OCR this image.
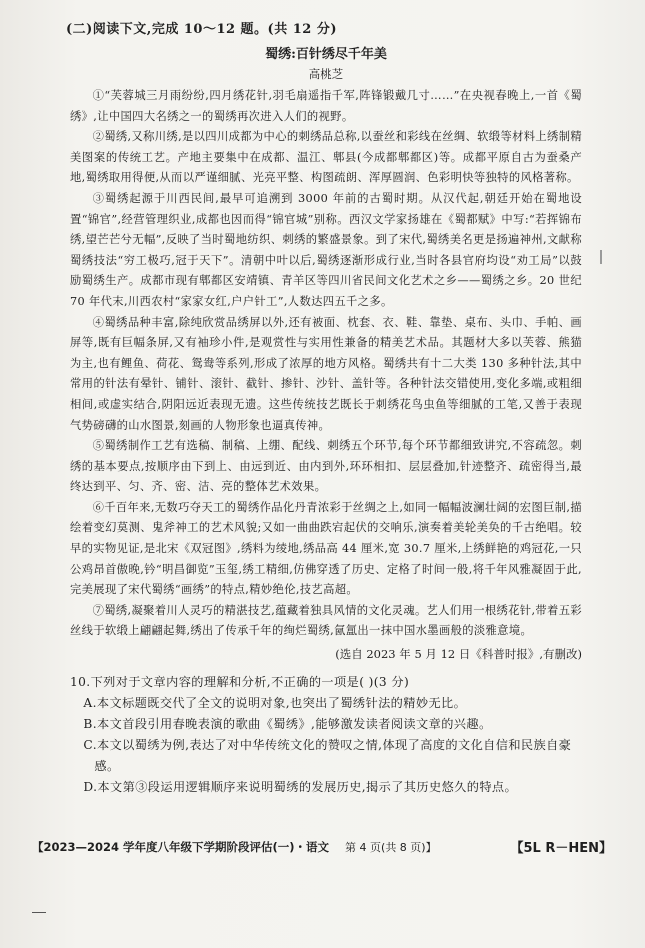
(二)阅读下文,完成 10～12 题。(共 12 分)
蜀绣:百针绣尽千年美
高桃芝

①“芙蓉城三月雨纷纷,四月绣花针,羽毛扇遥指千军,阵锋锻戴几寸……”在央视春晚上,一首《蜀绣》,让中国四大名绣之一的蜀绣再次进入人们的视野。

②蜀绣,又称川绣,是以四川成都为中心的刺绣品总称,以蚕丝和彩线在丝绸、软缎等材料上绣制精美图案的传统工艺。产地主要集中在成都、温江、郫县(今成都郫都区)等。成都平原自古为蚕桑产地,蜀绣取用得便,从而以严谨细腻、光亮平整、构图疏朗、浑厚圆润、色彩明快等独特的风格著称。

③蜀绣起源于川西民间,最早可追溯到 3000 年前的古蜀时期。从汉代起,朝廷开始在蜀地设置“锦官”,经营管理织业,成都也因而得“锦官城”别称。西汉文学家扬雄在《蜀都赋》中写:“若挥锦布绣,望芒芒兮无幅”,反映了当时蜀地纺织、刺绣的繁盛景象。到了宋代,蜀绣美名更是扬遍神州,文献称蜀绣技法“穷工极巧,冠于天下”。清朝中叶以后,蜀绣逐渐形成行业,当时各县官府均设“劝工局”以鼓励蜀绣生产。成都市现有郫都区安靖镇、青羊区等四川省民间文化艺术之乡——蜀绣之乡。20 世纪 70 年代末,川西农村“家家女红,户户针工”,人数达四五千之多。

④蜀绣品种丰富,除纯欣赏品绣屏以外,还有被面、枕套、衣、鞋、靠垫、桌布、头巾、手帕、画屏等,既有巨幅条屏,又有袖珍小件,是观赏性与实用性兼备的精美艺术品。其题材大多以芙蓉、熊猫为主,也有鲤鱼、荷花、鸳鸯等系列,形成了浓厚的地方风格。蜀绣共有十二大类 130 多种针法,其中常用的针法有晕针、铺针、滚针、截针、掺针、沙针、盖针等。各种针法交错使用,变化多端,或粗细相间,或虚实结合,阴阳远近表现无遗。这些传统技艺既长于刺绣花鸟虫鱼等细腻的工笔,又善于表现气势磅礴的山水图景,刻画的人物形象也逼真传神。

⑤蜀绣制作工艺有选稿、制稿、上绷、配线、刺绣五个环节,每个环节都细致讲究,不容疏忽。刺绣的基本要点,按顺序由下到上、由远到近、由内到外,环环相扣、层层叠加,针迹整齐、疏密得当,最终达到平、匀、齐、密、洁、亮的整体艺术效果。

⑥千百年来,无数巧夺天工的蜀绣作品化丹青浓彩于丝绸之上,如同一幅幅波澜壮阔的宏图巨制,描绘着变幻莫测、鬼斧神工的艺术风貌;又如一曲曲跌宕起伏的交响乐,演奏着美轮美奂的千古绝唱。较早的实物见证,是北宋《双冠图》,绣料为绫地,绣品高 44 厘米,宽 30.7 厘米,上绣鲜艳的鸡冠花,一只公鸡昂首傲晚,钤“明昌御览”玉玺,绣工精细,仿佛穿透了历史、定格了时间一般,将千年风雅凝固于此,完美展现了宋代蜀绣“画绣”的特点,精妙绝伦,技艺高超。

⑦蜀绣,凝聚着川人灵巧的精湛技艺,蕴藏着独具风情的文化灵魂。艺人们用一根绣花针,带着五彩丝线于软缎上翩翩起舞,绣出了传承千年的绚烂蜀绣,氤氲出一抹中国水墨画般的淡雅意境。

(选自 2023 年 5 月 12 日《科普时报》,有删改)

10.下列对于文章内容的理解和分析,不正确的一项是( )(3 分)

A.本文标题既交代了全文的说明对象,也突出了蜀绣针法的精妙无比。

B.本文首段引用春晚表演的歌曲《蜀绣》,能够激发读者阅读文章的兴趣。

C.本文以蜀绣为例,表达了对中华传统文化的赞叹之情,体现了高度的文化自信和民族自豪感。

D.本文第③段运用逻辑顺序来说明蜀绣的发展历史,揭示了其历史悠久的特点。

【2023—2024 学年度八年级下学期阶段评估(一)・语文 第 4 页(共 8 页)】	【5L R－HEN】
